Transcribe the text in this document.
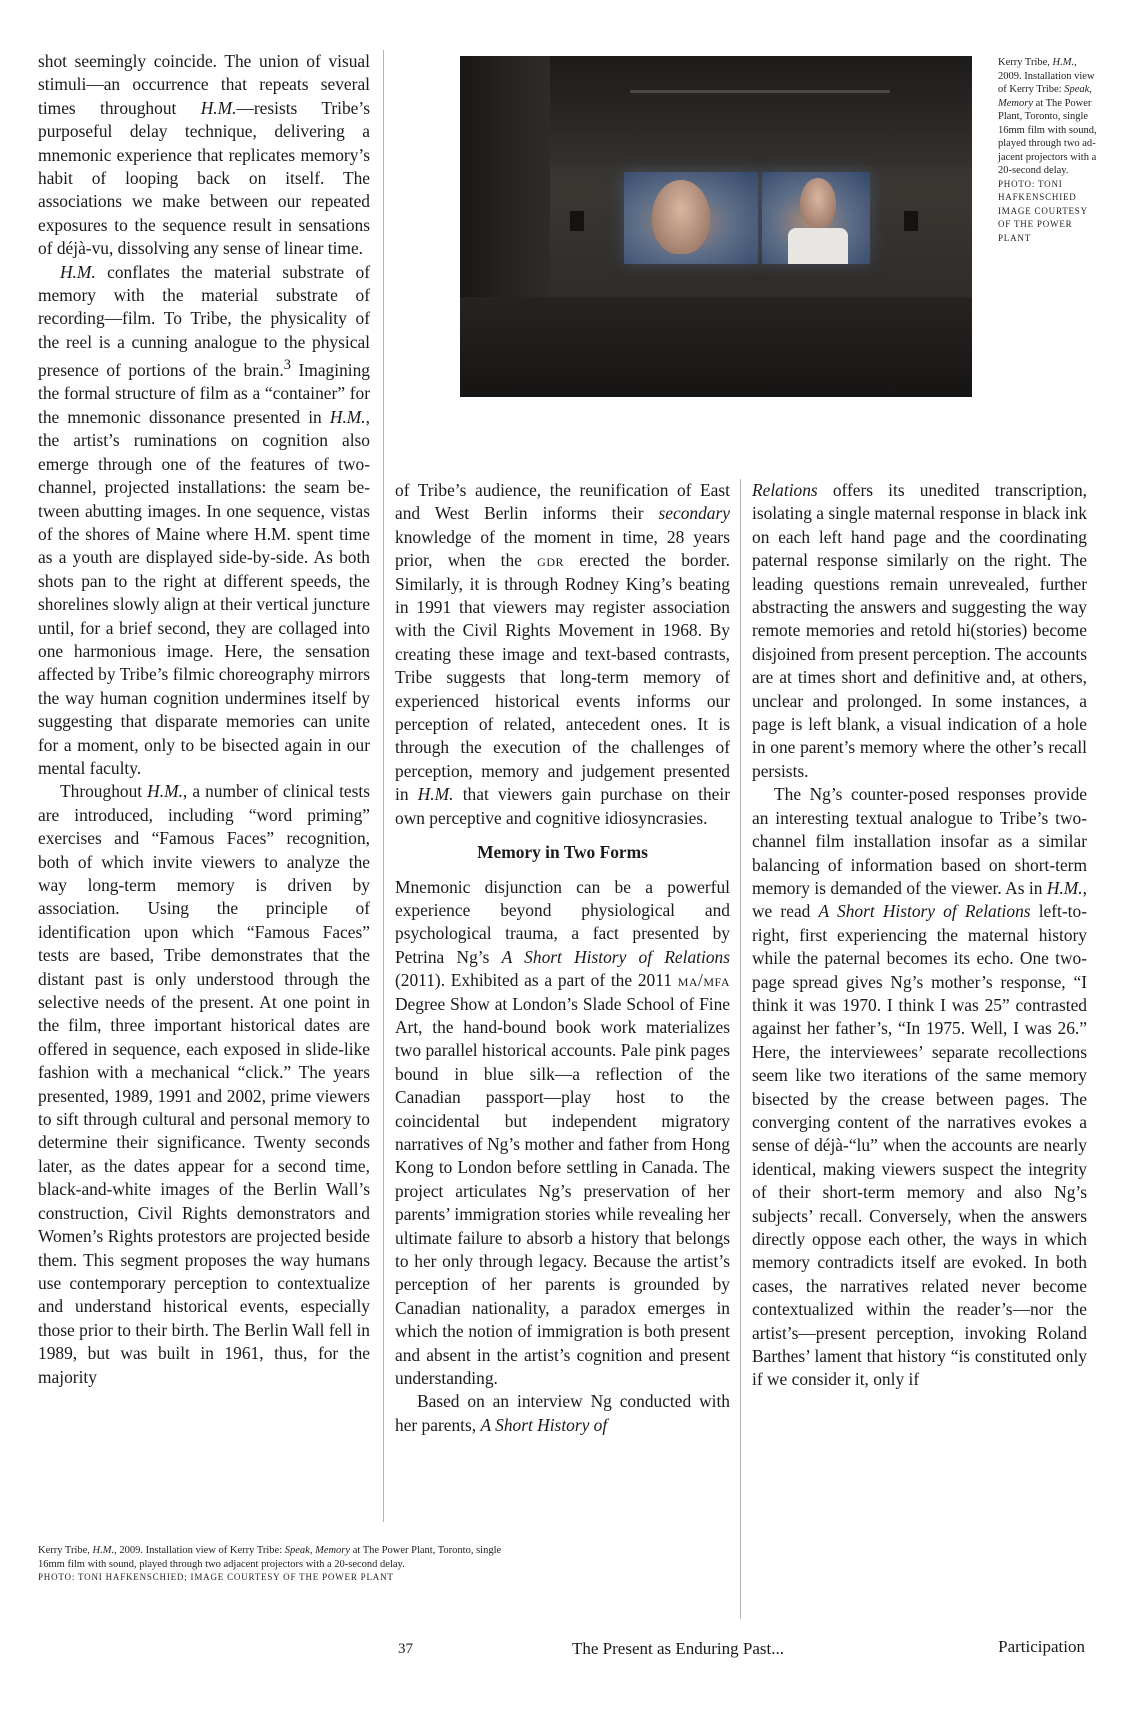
shot seemingly coincide. The union of visual stimuli—an occurrence that repeats several times throughout H.M.—resists Tribe’s purposeful delay technique, delivering a mnemonic experience that replicates memory’s habit of looping back on itself. The associations we make between our repeated exposures to the sequence result in sensations of déjà-vu, dissolving any sense of linear time.

H.M. conflates the material substrate of memory with the material substrate of recording—film. To Tribe, the physicality of the reel is a cunning analogue to the physical presence of portions of the brain.$^3$ Imagining the formal structure of film as a “container” for the mnemonic dissonance presented in H.M., the artist’s ruminations on cognition also emerge through one of the features of two-channel, projected installations: the seam between abutting images. In one sequence, vistas of the shores of Maine where H.M. spent time as a youth are displayed side-by-side. As both shots pan to the right at different speeds, the shorelines slowly align at their vertical juncture until, for a brief second, they are collaged into one harmonious image. Here, the sensation affected by Tribe’s filmic choreography mirrors the way human cognition undermines itself by suggesting that disparate memories can unite for a moment, only to be bisected again in our mental faculty.

Throughout H.M., a number of clinical tests are introduced, including “word priming” exercises and “Famous Faces” recognition, both of which invite viewers to analyze the way long-term memory is driven by association. Using the principle of identification upon which “Famous Faces” tests are based, Tribe demonstrates that the distant past is only understood through the selective needs of the present. At one point in the film, three important historical dates are offered in sequence, each exposed in slide-like fashion with a mechanical “click.” The years presented, 1989, 1991 and 2002, prime viewers to sift through cultural and personal memory to determine their significance. Twenty seconds later, as the dates appear for a second time, black-and-white images of the Berlin Wall’s construction, Civil Rights demonstrators and Women’s Rights protestors are projected beside them. This segment proposes the way humans use contemporary perception to contextualize and understand historical events, especially those prior to their birth. The Berlin Wall fell in 1989, but was built in 1961, thus, for the majority

Kerry Tribe, H.M., 2009. Installation view of Kerry Tribe: Speak, Memory at The Power Plant, Toronto, single 16mm film with sound, played through two adjacent projectors with a 20-second delay.
PHOTO: TONI HAFKENSCHIED IMAGE COURTESY OF THE POWER PLANT

of Tribe’s audience, the reunification of East and West Berlin informs their secondary knowledge of the moment in time, 28 years prior, when the gdr erected the border. Similarly, it is through Rodney King’s beating in 1991 that viewers may register association with the Civil Rights Movement in 1968. By creating these image and text-based contrasts, Tribe suggests that long-term memory of experienced historical events informs our perception of related, antecedent ones. It is through the execution of the challenges of perception, memory and judgement presented in H.M. that viewers gain purchase on their own perceptive and cognitive idiosyncrasies.

Memory in Two Forms

Mnemonic disjunction can be a powerful experience beyond physiological and psychological trauma, a fact presented by Petrina Ng’s A Short History of Relations (2011). Exhibited as a part of the 2011 ma/mfa Degree Show at London’s Slade School of Fine Art, the hand-bound book work materializes two parallel historical accounts. Pale pink pages bound in blue silk—a reflection of the Canadian passport—play host to the coincidental but independent migratory narratives of Ng’s mother and father from Hong Kong to London before settling in Canada. The project articulates Ng’s preservation of her parents’ immigration stories while revealing her ultimate failure to absorb a history that belongs to her only through legacy. Because the artist’s perception of her parents is grounded by Canadian nationality, a paradox emerges in which the notion of immigration is both present and absent in the artist’s cognition and present understanding.

Based on an interview Ng conducted with her parents, A Short History of

Relations offers its unedited transcription, isolating a single maternal response in black ink on each left hand page and the coordinating paternal response similarly on the right. The leading questions remain unrevealed, further abstracting the answers and suggesting the way remote memories and retold hi(stories) become disjoined from present perception. The accounts are at times short and definitive and, at others, unclear and prolonged. In some instances, a page is left blank, a visual indication of a hole in one parent’s memory where the other’s recall persists.

The Ng’s counter-posed responses provide an interesting textual analogue to Tribe’s two-channel film installation insofar as a similar balancing of information based on short-term memory is demanded of the viewer. As in H.M., we read A Short History of Relations left-to-right, first experiencing the maternal history while the paternal becomes its echo. One two-page spread gives Ng’s mother’s response, “I think it was 1970. I think I was 25” contrasted against her father’s, “In 1975. Well, I was 26.” Here, the interviewees’ separate recollections seem like two iterations of the same memory bisected by the crease between pages. The converging content of the narratives evokes a sense of déjà-“lu” when the accounts are nearly identical, making viewers suspect the integrity of their short-term memory and also Ng’s subjects’ recall. Conversely, when the answers directly oppose each other, the ways in which memory contradicts itself are evoked. In both cases, the narratives related never become contextualized within the reader’s—nor the artist’s—present perception, invoking Roland Barthes’ lament that history “is constituted only if we consider it, only if

Kerry Tribe, H.M., 2009. Installation view of Kerry Tribe: Speak, Memory at The Power Plant, Toronto, single 16mm film with sound, played through two adjacent projectors with a 20-second delay.
PHOTO: TONI HAFKENSCHIED; IMAGE COURTESY OF THE POWER PLANT
37	The Present as Enduring Past...	Participation
